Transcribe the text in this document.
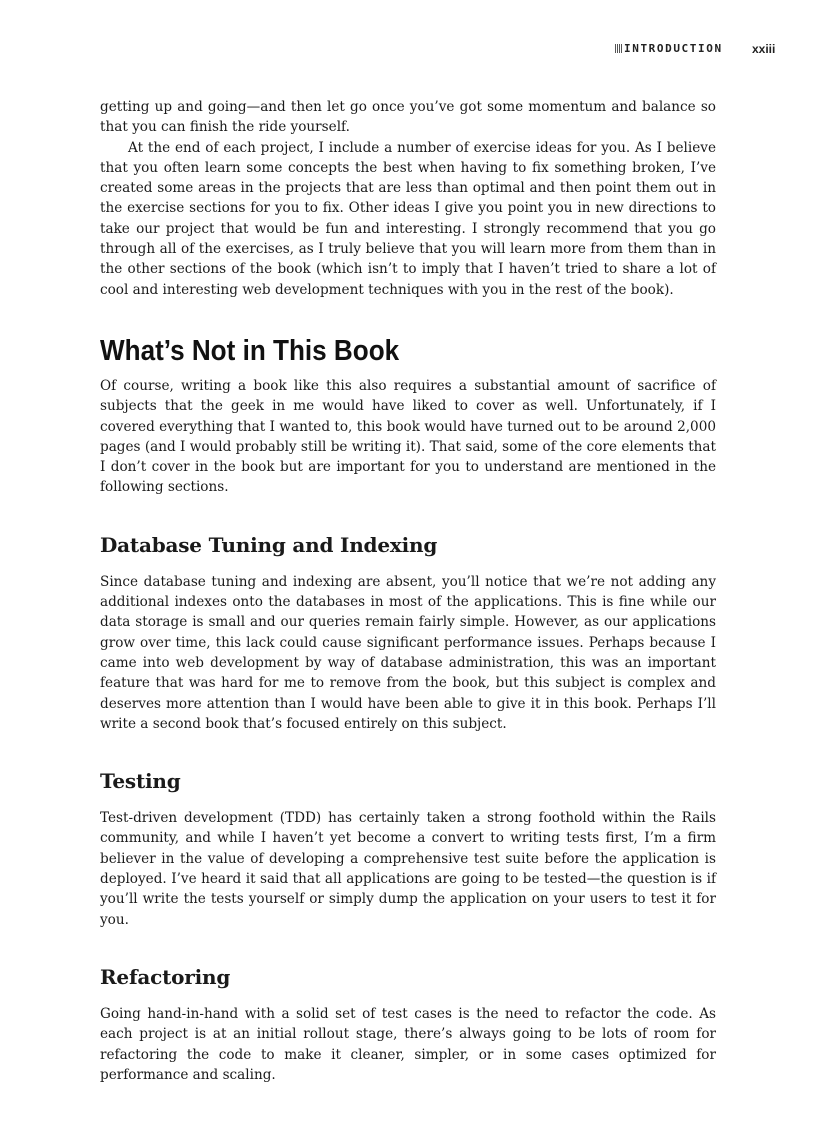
INTRODUCTION xxiii

getting up and going—and then let go once you’ve got some momentum and balance so that you can finish the ride yourself.

At the end of each project, I include a number of exercise ideas for you. As I believe that you often learn some concepts the best when having to fix something broken, I’ve created some areas in the projects that are less than optimal and then point them out in the exercise sections for you to fix. Other ideas I give you point you in new directions to take our project that would be fun and interesting. I strongly recommend that you go through all of the exercises, as I truly believe that you will learn more from them than in the other sections of the book (which isn’t to imply that I haven’t tried to share a lot of cool and interesting web development techniques with you in the rest of the book).

What’s Not in This Book

Of course, writing a book like this also requires a substantial amount of sacrifice of subjects that the geek in me would have liked to cover as well. Unfortunately, if I covered everything that I wanted to, this book would have turned out to be around 2,000 pages (and I would probably still be writing it). That said, some of the core elements that I don’t cover in the book but are important for you to understand are mentioned in the following sections.

Database Tuning and Indexing

Since database tuning and indexing are absent, you’ll notice that we’re not adding any additional indexes onto the databases in most of the applications. This is fine while our data storage is small and our queries remain fairly simple. However, as our applications grow over time, this lack could cause significant performance issues. Perhaps because I came into web development by way of database administration, this was an important feature that was hard for me to remove from the book, but this subject is complex and deserves more attention than I would have been able to give it in this book. Perhaps I’ll write a second book that’s focused entirely on this subject.

Testing

Test-driven development (TDD) has certainly taken a strong foothold within the Rails community, and while I haven’t yet become a convert to writing tests first, I’m a firm believer in the value of developing a comprehensive test suite before the application is deployed. I’ve heard it said that all applications are going to be tested—the question is if you’ll write the tests yourself or simply dump the application on your users to test it for you.

Refactoring

Going hand-in-hand with a solid set of test cases is the need to refactor the code. As each project is at an initial rollout stage, there’s always going to be lots of room for refactoring the code to make it cleaner, simpler, or in some cases optimized for performance and scaling.
